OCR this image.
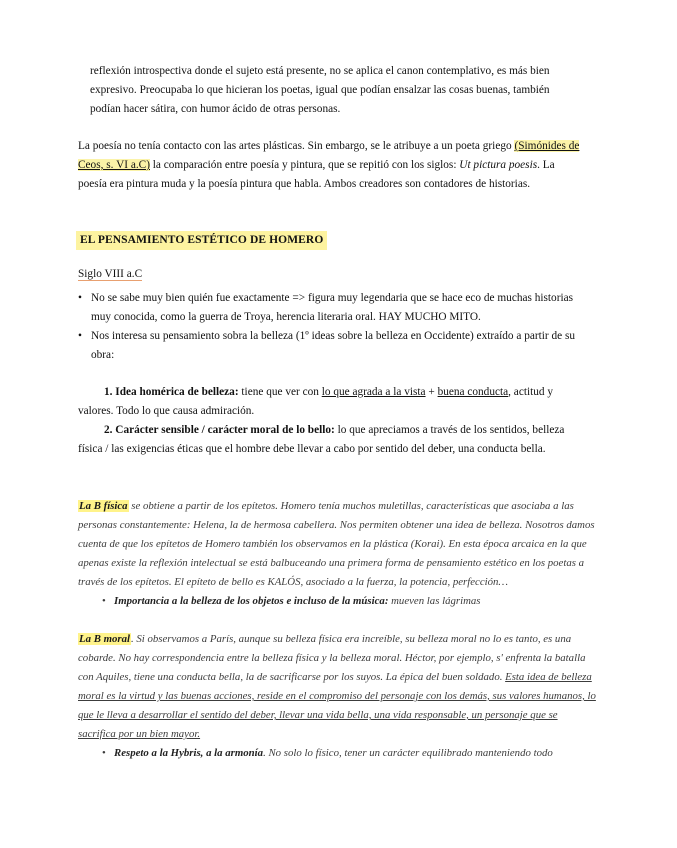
reflexión introspectiva donde el sujeto está presente, no se aplica el canon contemplativo, es más bien expresivo. Preocupaba lo que hicieran los poetas, igual que podían ensalzar las cosas buenas, también podían hacer sátira, con humor ácido de otras personas.

La poesía no tenía contacto con las artes plásticas. Sin embargo, se le atribuye a un poeta griego (Simónides de Ceos, s. VI a.C) la comparación entre poesía y pintura, que se repitió con los siglos: Ut pictura poesis. La poesía era pintura muda y la poesía pintura que habla. Ambos creadores son contadores de historias.

EL PENSAMIENTO ESTÉTICO DE HOMERO
Siglo VIII a.C
• No se sabe muy bien quién fue exactamente => figura muy legendaria que se hace eco de muchas historias muy conocida, como la guerra de Troya, herencia literaria oral. HAY MUCHO MITO.
• Nos interesa su pensamiento sobra la belleza (1º ideas sobre la belleza en Occidente) extraído a partir de su obra:

1. Idea homérica de belleza: tiene que ver con lo que agrada a la vista + buena conducta, actitud y valores. Todo lo que causa admiración.

2. Carácter sensible / carácter moral de lo bello: lo que apreciamos a través de los sentidos, belleza física / las exigencias éticas que el hombre debe llevar a cabo por sentido del deber, una conducta bella.

La B física se obtiene a partir de los epítetos. Homero tenía muchos muletillas, características que asociaba a las personas constantemente: Helena, la de hermosa cabellera. Nos permiten obtener una idea de belleza. Nosotros damos cuenta de que los epítetos de Homero también los observamos en la plástica (Korai). En esta época arcaica en la que apenas existe la reflexión intelectual se está balbuceando una primera forma de pensamiento estético en los poetas a través de los epítetos. El epíteto de bello es KALÓS, asociado a la fuerza, la potencia, perfección…

• Importancia a la belleza de los objetos e incluso de la música: mueven las lágrimas

La B moral. Si observamos a París, aunque su belleza física era increíble, su belleza moral no lo es tanto, es una cobarde. No hay correspondencia entre la belleza física y la belleza moral. Héctor, por ejemplo, s' enfrenta la batalla con Aquiles, tiene una conducta bella, la de sacrificarse por los suyos. La épica del buen soldado. Esta idea de belleza moral es la virtud y las buenas acciones, reside en el compromiso del personaje con los demás, sus valores humanos, lo que le lleva a desarrollar el sentido del deber, llevar una vida bella, una vida responsable, un personaje que se sacrifica por un bien mayor.

• Respeto a la Hybris, a la armonía. No solo lo físico, tener un carácter equilibrado manteniendo todo
